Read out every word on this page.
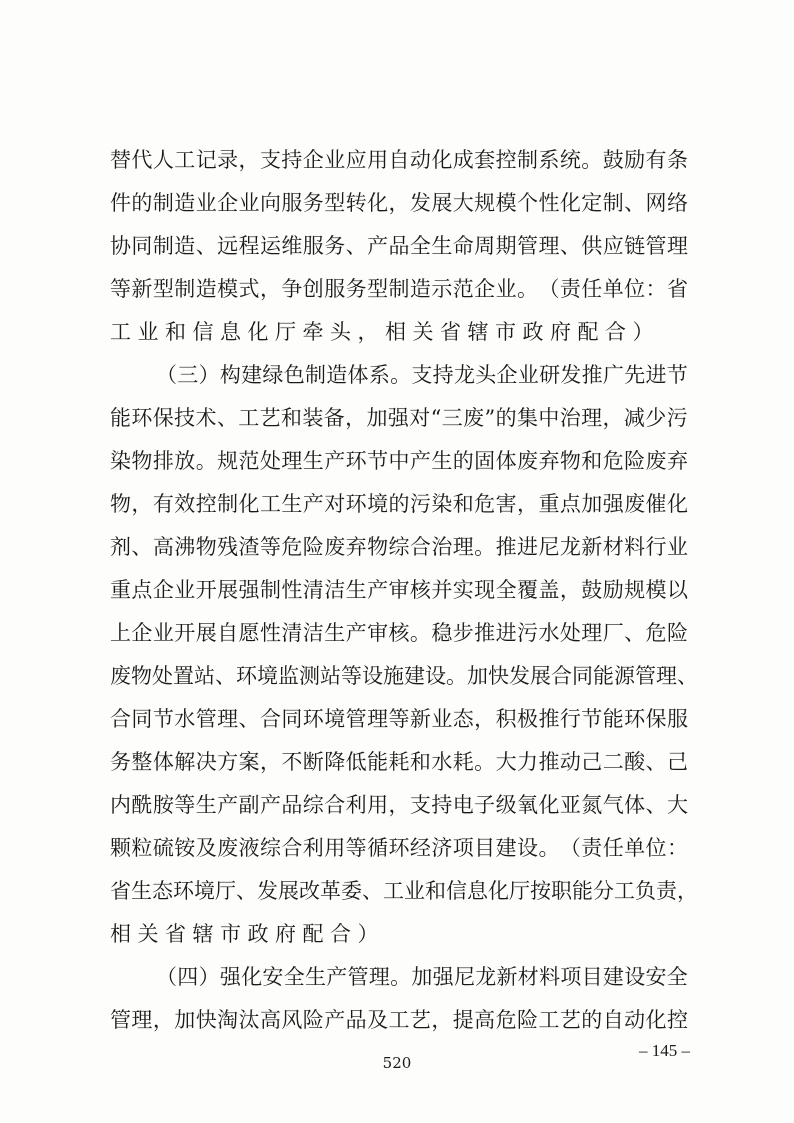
替 代 人 工 记 录 ， 支 持 企 业 应 用 自 动 化 成 套 控 制 系 统 。 鼓 励 有 条
件 的 制 造 业 企 业 向 服 务 型 转 化 ， 发 展 大 规 模 个 性 化 定 制 、 网 络
协 同 制 造 、 远 程 运 维 服 务 、 产 品 全 生 命 周 期 管 理 、 供 应 链 管 理
等 新 型 制 造 模 式 ， 争 创 服 务 型 制 造 示 范 企 业 。 （ 责 任 单 位 ： 省
工业和信息化厅牵头，相关省辖市政府配合）
（ 三 ） 构 建 绿 色 制 造 体 系 。 支 持 龙 头 企 业 研 发 推 广 先 进 节
能 环 保 技 术 、 工 艺 和 装 备 ， 加 强 对 “ 三 废 ” 的 集 中 治 理 ， 减 少 污
染 物 排 放 。 规 范 处 理 生 产 环 节 中 产 生 的 固 体 废 弃 物 和 危 险 废 弃
物 ， 有 效 控 制 化 工 生 产 对 环 境 的 污 染 和 危 害 ， 重 点 加 强 废 催 化
剂 、 高 沸 物 残 渣 等 危 险 废 弃 物 综 合 治 理 。 推 进 尼 龙 新 材 料 行 业
重 点 企 业 开 展 强 制 性 清 洁 生 产 审 核 并 实 现 全 覆 盖 ， 鼓 励 规 模 以
上 企 业 开 展 自 愿 性 清 洁 生 产 审 核 。 稳 步 推 进 污 水 处 理 厂 、 危 险
废 物 处 置 站 、 环 境 监 测 站 等 设 施 建 设 。 加 快 发 展 合 同 能 源 管 理 、
合 同 节 水 管 理 、 合 同 环 境 管 理 等 新 业 态 ， 积 极 推 行 节 能 环 保 服
务 整 体 解 决 方 案 ， 不 断 降 低 能 耗 和 水 耗 。 大 力 推 动 己 二 酸 、 己
内 酰 胺 等 生 产 副 产 品 综 合 利 用 ， 支 持 电 子 级 氧 化 亚 氮 气 体 、 大
颗 粒 硫 铵 及 废 液 综 合 利 用 等 循 环 经 济 项 目 建 设 。 （ 责 任 单 位 ：
省 生 态 环 境 厅 、 发 展 改 革 委 、 工 业 和 信 息 化 厅 按 职 能 分 工 负 责 ，
相关省辖市政府配合）
（ 四 ） 强 化 安 全 生 产 管 理 。 加 强 尼 龙 新 材 料 项 目 建 设 安 全
管 理 ， 加 快 淘 汰 高 风 险 产 品 及 工 艺 ， 提 高 危 险 工 艺 的 自 动 化 控
– 145 –
520
